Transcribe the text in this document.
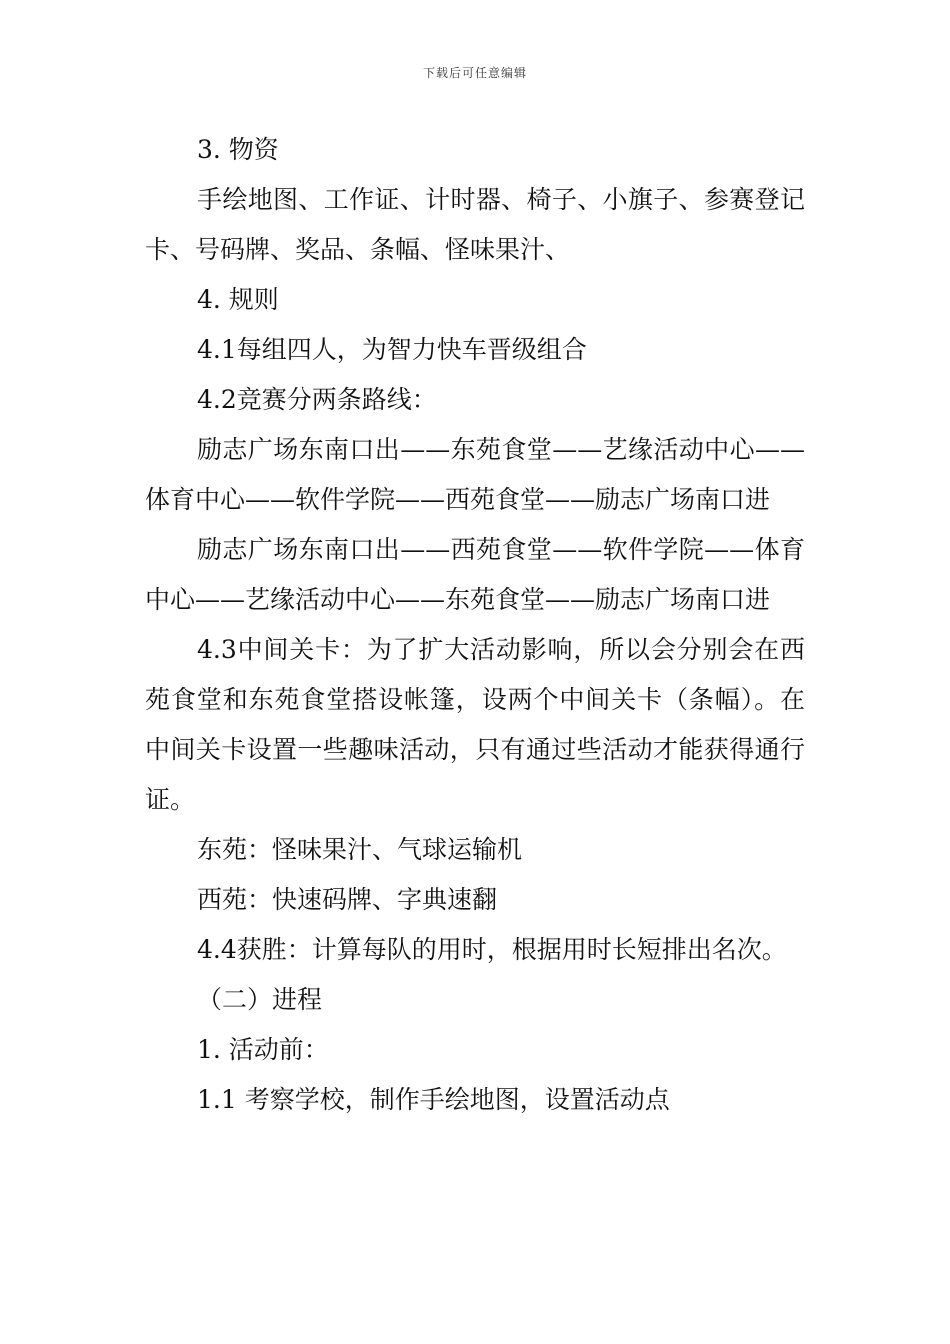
下载后可任意编辑

3. 物资

手绘地图、工作证、计时器、椅子、小旗子、参赛登记卡、号码牌、奖品、条幅、怪味果汁、

4. 规则

4.1每组四人，为智力快车晋级组合

4.2竞赛分两条路线：

励志广场东南口出——东苑食堂——艺缘活动中心——体育中心——软件学院——西苑食堂——励志广场南口进

励志广场东南口出——西苑食堂——软件学院——体育中心——艺缘活动中心——东苑食堂——励志广场南口进

4.3中间关卡：为了扩大活动影响，所以会分别会在西苑食堂和东苑食堂搭设帐篷，设两个中间关卡（条幅）。在中间关卡设置一些趣味活动，只有通过些活动才能获得通行证。

东苑：怪味果汁、气球运输机

西苑：快速码牌、字典速翻

4.4获胜：计算每队的用时，根据用时长短排出名次。

（二）进程

1. 活动前：

1.1 考察学校，制作手绘地图，设置活动点
